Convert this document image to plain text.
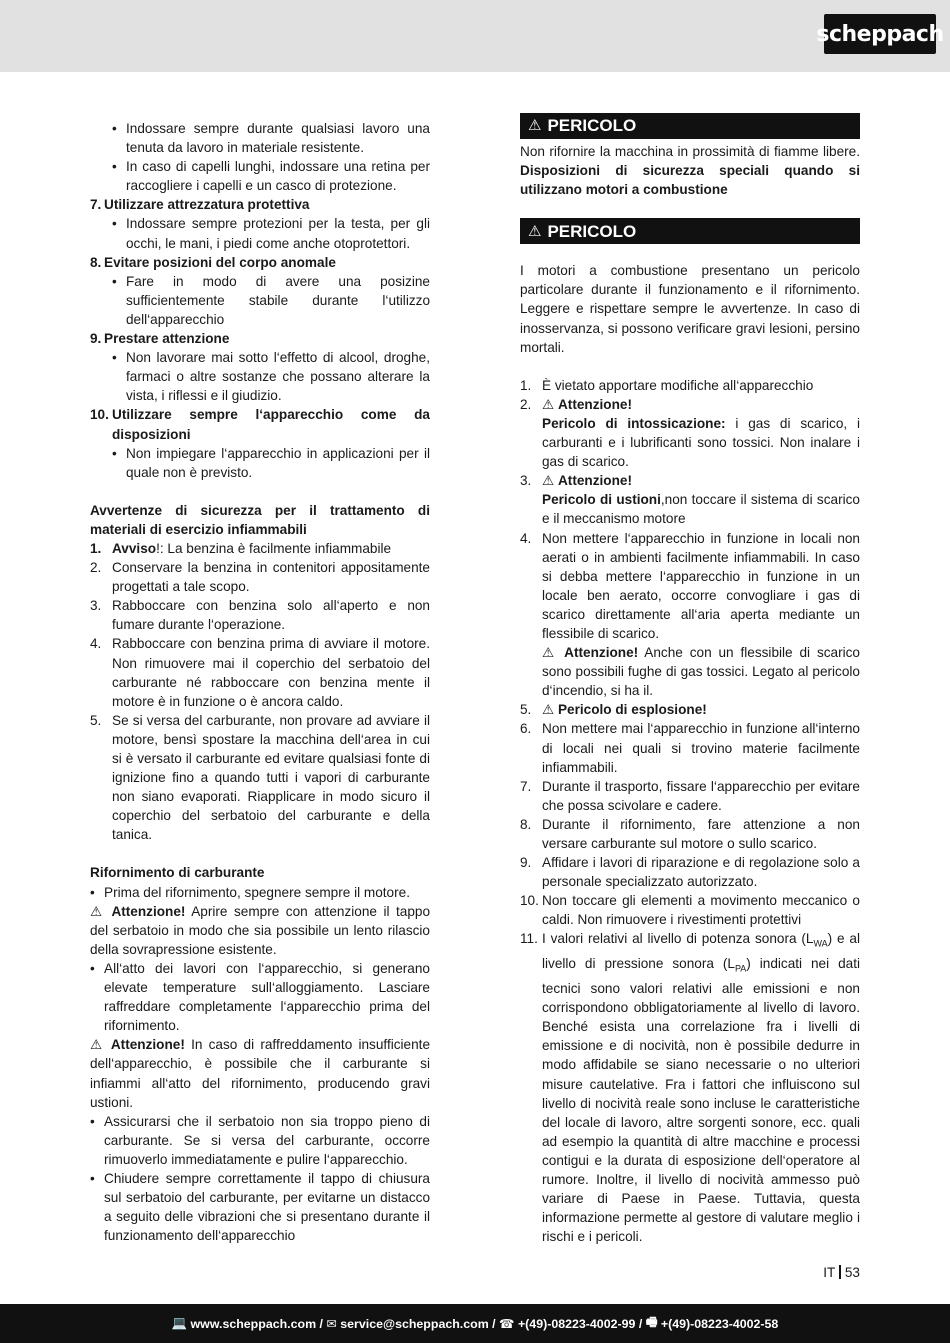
scheppach
• Indossare sempre durante qualsiasi lavoro una tenuta da lavoro in materiale resistente.
• In caso di capelli lunghi, indossare una retina per raccogliere i capelli e un casco di protezione.
7. Utilizzare attrezzatura protettiva
• Indossare sempre protezioni per la testa, per gli occhi, le mani, i piedi come anche otoprotettori.
8. Evitare posizioni del corpo anomale
• Fare in modo di avere una posizine sufficientemente stabile durante l‘utilizzo dell‘apparecchio
9. Prestare attenzione
• Non lavorare mai sotto l‘effetto di alcool, droghe, farmaci o altre sostanze che possano alterare la vista, i riflessi e il giudizio.
10. Utilizzare sempre l‘apparecchio come da disposizioni
• Non impiegare l‘apparecchio in applicazioni per il quale non è previsto.
Avvertenze di sicurezza per il trattamento di materiali di esercizio infiammabili
1. Avviso!: La benzina è facilmente infiammabile
2. Conservare la benzina in contenitori appositamente progettati a tale scopo.
3. Rabboccare con benzina solo all‘aperto e non fumare durante l‘operazione.
4. Rabboccare con benzina prima di avviare il motore. Non rimuovere mai il coperchio del serbatoio del carburante né rabboccare con benzina mente il motore è in funzione o è ancora caldo.
5. Se si versa del carburante, non provare ad avviare il motore, bensì spostare la macchina dell‘area in cui si è versato il carburante ed evitare qualsiasi fonte di ignizione fino a quando tutti i vapori di carburante non siano evaporati. Riapplicare in modo sicuro il coperchio del serbatoio del carburante e della tanica.
Rifornimento di carburante
• Prima del rifornimento, spegnere sempre il motore.
⚠ Attenzione! Aprire sempre con attenzione il tappo del serbatoio in modo che sia possibile un lento rilascio della sovrapressione esistente.
• All‘atto dei lavori con l‘apparecchio, si generano elevate temperature sull‘alloggiamento. Lasciare raffreddare completamente l‘apparecchio prima del rifornimento.
⚠ Attenzione! In caso di raffreddamento insufficiente dell‘apparecchio, è possibile che il carburante si infiammi all‘atto del rifornimento, producendo gravi ustioni.
• Assicurarsi che il serbatoio non sia troppo pieno di carburante. Se si versa del carburante, occorre rimuoverlo immediatamente e pulire l‘apparecchio.
• Chiudere sempre correttamente il tappo di chiusura sul serbatoio del carburante, per evitarne un distacco a seguito delle vibrazioni che si presentano durante il funzionamento dell‘apparecchio
⚠ PERICOLO
Non rifornire la macchina in prossimità di fiamme libere. Disposizioni di sicurezza speciali quando si utilizzano motori a combustione
⚠ PERICOLO
I motori a combustione presentano un pericolo particolare durante il funzionamento e il rifornimento. Leggere e rispettare sempre le avvertenze. In caso di inosservanza, si possono verificare gravi lesioni, persino mortali.
1. È vietato apportare modifiche all‘apparecchio
2. ⚠ Attenzione!
Pericolo di intossicazione: i gas di scarico, i carburanti e i lubrificanti sono tossici. Non inalare i gas di scarico.
3. ⚠ Attenzione!
Pericolo di ustioni,non toccare il sistema di scarico e il meccanismo motore
4. Non mettere l‘apparecchio in funzione in locali non aerati o in ambienti facilmente infiammabili. In caso si debba mettere l‘apparecchio in funzione in un locale ben aerato, occorre convogliare i gas di scarico direttamente all‘aria aperta mediante un flessibile di scarico.
⚠ Attenzione! Anche con un flessibile di scarico sono possibili fughe di gas tossici. Legato al pericolo d‘incendio, si ha il.
5. ⚠ Pericolo di esplosione!
6. Non mettere mai l‘apparecchio in funzione all‘interno di locali nei quali si trovino materie facilmente infiammabili.
7. Durante il trasporto, fissare l‘apparecchio per evitare che possa scivolare e cadere.
8. Durante il rifornimento, fare attenzione a non versare carburante sul motore o sullo scarico.
9. Affidare i lavori di riparazione e di regolazione solo a personale specializzato autorizzato.
10. Non toccare gli elementi a movimento meccanico o caldi. Non rimuovere i rivestimenti protettivi
11. I valori relativi al livello di potenza sonora $(L_{WA})$ e al livello di pressione sonora $(L_{PA})$ indicati nei dati tecnici sono valori relativi alle emissioni e non corrispondono obbligatoriamente al livello di lavoro. Benché esista una correlazione fra i livelli di emissione e di nocività, non è possibile dedurre in modo affidabile se siano necessarie o no ulteriori misure cautelative. Fra i fattori che influiscono sul livello di nocività reale sono incluse le caratteristiche del locale di lavoro, altre sorgenti sonore, ecc. quali ad esempio la quantità di altre macchine e processi contigui e la durata di esposizione dell‘operatore al rumore. Inoltre, il livello di nocività ammesso può variare di Paese in Paese. Tuttavia, questa informazione permette al gestore di valutare meglio i rischi e i pericoli.
IT 53
💻
www.scheppach.com / ✉
service@scheppach.com / ☎
+(49)-08223-4002-99 / 🖷
+(49)-08223-4002-58
